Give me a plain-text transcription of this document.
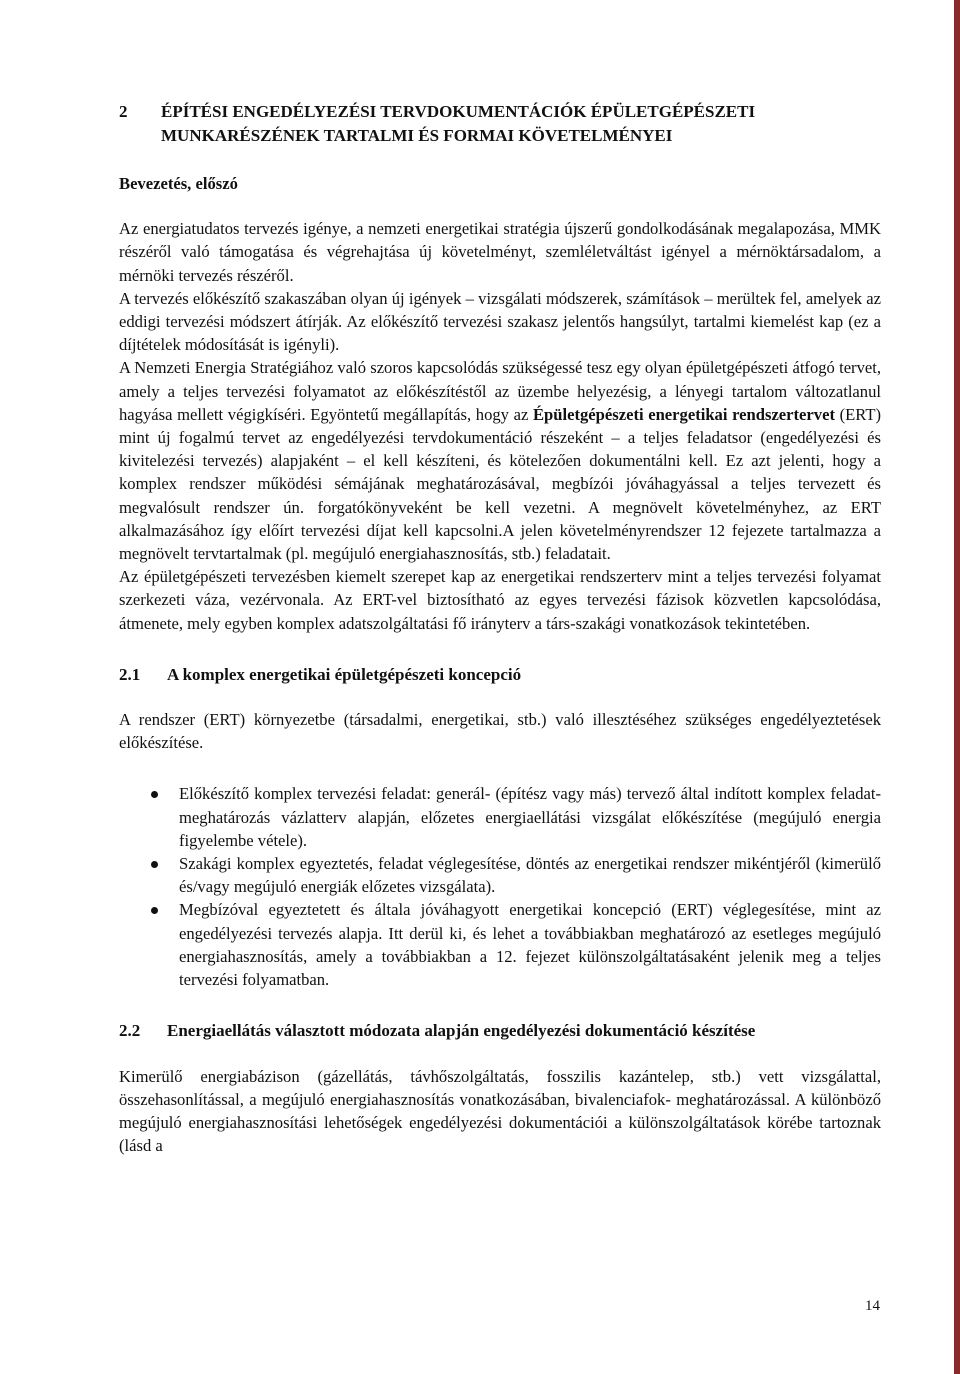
2	ÉPÍTÉSI ENGEDÉLYEZÉSI TERVDOKUMENTÁCIÓK ÉPÜLETGÉPÉSZETI
MUNKARÉSZÉNEK TARTALMI ÉS FORMAI KÖVETELMÉNYEI
Bevezetés, előszó

Az energiatudatos tervezés igénye, a nemzeti energetikai stratégia újszerű gondolkodásának megalapozása, MMK részéről való támogatása és végrehajtása új követelményt, szemléletváltást igényel a mérnöktársadalom, a mérnöki tervezés részéről.

A tervezés előkészítő szakaszában olyan új igények – vizsgálati módszerek, számítások – merültek fel, amelyek az eddigi tervezési módszert átírják. Az előkészítő tervezési szakasz jelentős hangsúlyt, tartalmi kiemelést kap (ez a díjtételek módosítását is igényli).

A Nemzeti Energia Stratégiához való szoros kapcsolódás szükségessé tesz egy olyan épületgépészeti átfogó tervet, amely a teljes tervezési folyamatot az előkészítéstől az üzembe helyezésig, a lényegi tartalom változatlanul hagyása mellett végigkíséri. Egyöntetű megállapítás, hogy az Épületgépészeti energetikai rendszertervet (ERT) mint új fogalmú tervet az engedélyezési tervdokumentáció részeként – a teljes feladatsor (engedélyezési és kivitelezési tervezés) alapjaként – el kell készíteni, és kötelezően dokumentálni kell. Ez azt jelenti, hogy a komplex rendszer működési sémájának meghatározásával, megbízói jóváhagyással a teljes tervezett és megvalósult rendszer ún. forgatókönyveként be kell vezetni. A megnövelt követelményhez, az ERT alkalmazásához így előírt tervezési díjat kell kapcsolni.A jelen követelményrendszer 12 fejezete tartalmazza a megnövelt tervtartalmak (pl. megújuló energiahasznosítás, stb.) feladatait.

Az épületgépészeti tervezésben kiemelt szerepet kap az energetikai rendszerterv mint a teljes tervezési folyamat szerkezeti váza, vezérvonala. Az ERT-vel biztosítható az egyes tervezési fázisok közvetlen kapcsolódása, átmenete, mely egyben komplex adatszolgáltatási fő irányterv a társ-szakági vonatkozások tekintetében.

2.1	A komplex energetikai épületgépészeti koncepció

A rendszer (ERT) környezetbe (társadalmi, energetikai, stb.) való illesztéséhez szükséges engedélyeztetések előkészítése.

Előkészítő komplex tervezési feladat: generál- (építész vagy más) tervező által indított komplex feladat-meghatározás vázlatterv alapján, előzetes energiaellátási vizsgálat előkészítése (megújuló energia figyelembe vétele).
Szakági komplex egyeztetés, feladat véglegesítése, döntés az energetikai rendszer mikéntjéről (kimerülő és/vagy megújuló energiák előzetes vizsgálata).
Megbízóval egyeztetett és általa jóváhagyott energetikai koncepció (ERT) véglegesítése, mint az engedélyezési tervezés alapja. Itt derül ki, és lehet a továbbiakban meghatározó az esetleges megújuló energiahasznosítás, amely a továbbiakban a 12. fejezet különszolgáltatásaként jelenik meg a teljes tervezési folyamatban.
2.2	Energiaellátás választott módozata alapján engedélyezési dokumentáció készítése

Kimerülő energiabázison (gázellátás, távhőszolgáltatás, fosszilis kazántelep, stb.) vett vizsgálattal, összehasonlítással, a megújuló energiahasznosítás vonatkozásában, bivalenciafok- meghatározással. A különböző megújuló energiahasznosítási lehetőségek engedélyezési dokumentációi a különszolgáltatások körébe tartoznak (lásd a

14
